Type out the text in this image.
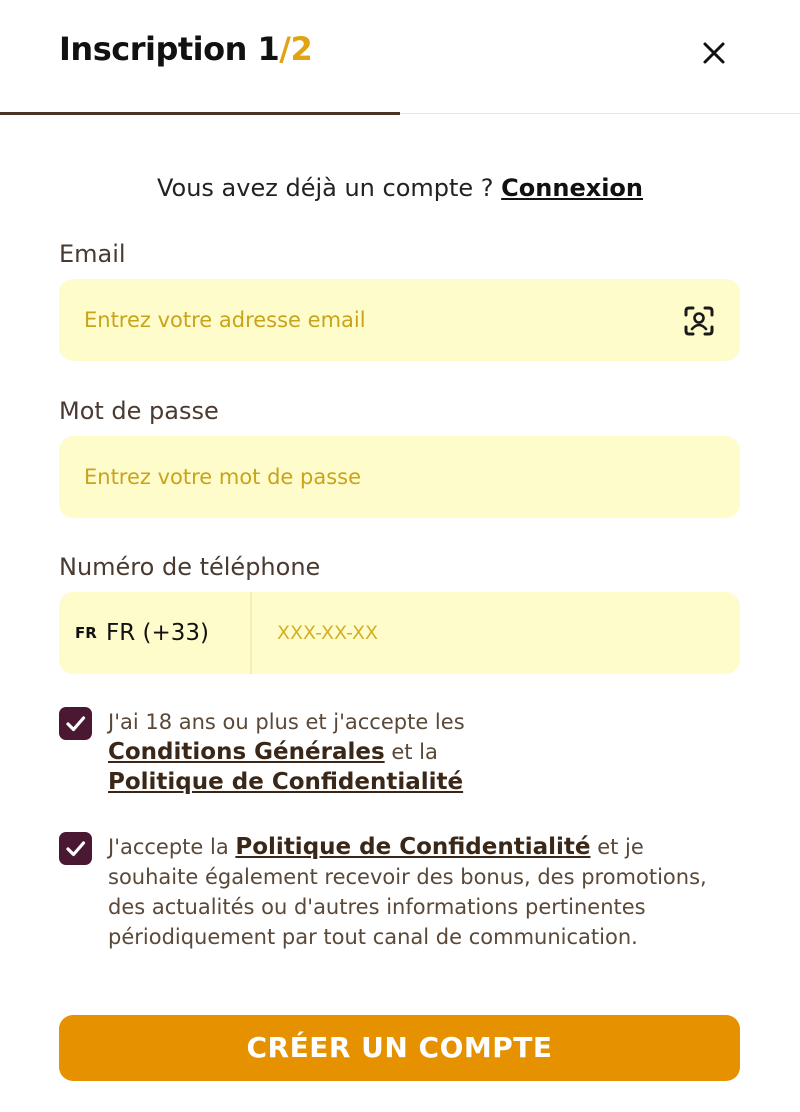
Inscription 1/2
Vous avez déjà un compte ? Connexion
Email
Entrez votre adresse email
Mot de passe
Entrez votre mot de passe
Numéro de téléphone
FR FR (+33)	XXX-XX-XX
J'ai 18 ans ou plus et j'accepte les
Conditions Générales et la
Politique de Confidentialité
J'accepte la Politique de Confidentialité et je souhaite également recevoir des bonus, des promotions, des actualités ou d'autres informations pertinentes périodiquement par tout canal de communication.
CRÉER UN COMPTE
